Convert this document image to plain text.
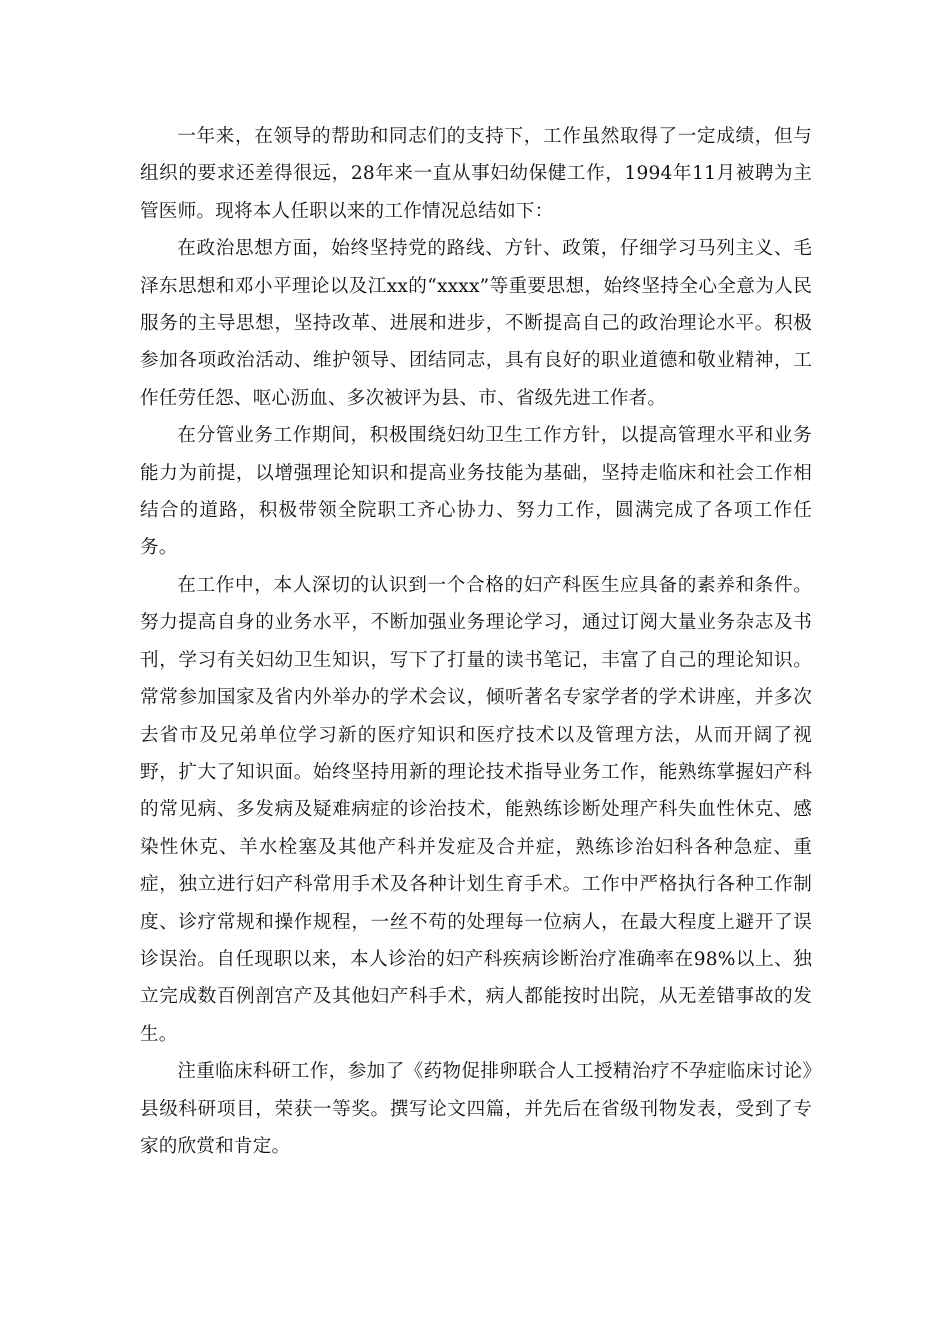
一年来，在领导的帮助和同志们的支持下，工作虽然取得了一定成绩，但与组织的要求还差得很远，28年来一直从事妇幼保健工作，1994年11月被聘为主管医师。现将本人任职以来的工作情况总结如下：

在政治思想方面，始终坚持党的路线、方针、政策，仔细学习马列主义、毛泽东思想和邓小平理论以及江xx的“xxxx”等重要思想，始终坚持全心全意为人民服务的主导思想，坚持改革、进展和进步，不断提高自己的政治理论水平。积极参加各项政治活动、维护领导、团结同志，具有良好的职业道德和敬业精神，工作任劳任怨、呕心沥血、多次被评为县、市、省级先进工作者。

在分管业务工作期间，积极围绕妇幼卫生工作方针，以提高管理水平和业务能力为前提，以增强理论知识和提高业务技能为基础，坚持走临床和社会工作相结合的道路，积极带领全院职工齐心协力、努力工作，圆满完成了各项工作任务。

在工作中，本人深切的认识到一个合格的妇产科医生应具备的素养和条件。努力提高自身的业务水平，不断加强业务理论学习，通过订阅大量业务杂志及书刊，学习有关妇幼卫生知识，写下了打量的读书笔记，丰富了自己的理论知识。常常参加国家及省内外举办的学术会议，倾听著名专家学者的学术讲座，并多次去省市及兄弟单位学习新的医疗知识和医疗技术以及管理方法，从而开阔了视野，扩大了知识面。始终坚持用新的理论技术指导业务工作，能熟练掌握妇产科的常见病、多发病及疑难病症的诊治技术，能熟练诊断处理产科失血性休克、感染性休克、羊水栓塞及其他产科并发症及合并症，熟练诊治妇科各种急症、重症，独立进行妇产科常用手术及各种计划生育手术。工作中严格执行各种工作制度、诊疗常规和操作规程，一丝不苟的处理每一位病人，在最大程度上避开了误诊误治。自任现职以来，本人诊治的妇产科疾病诊断治疗准确率在98%以上、独立完成数百例剖宫产及其他妇产科手术，病人都能按时出院，从无差错事故的发生。

注重临床科研工作，参加了《药物促排卵联合人工授精治疗不孕症临床讨论》县级科研项目，荣获一等奖。撰写论文四篇，并先后在省级刊物发表，受到了专家的欣赏和肯定。
